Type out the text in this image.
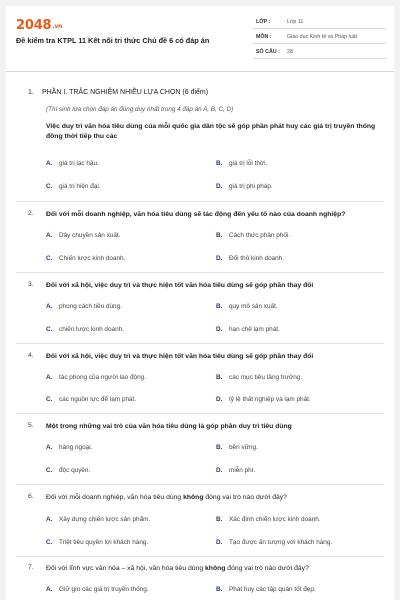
2048.vn
Đề kiểm tra KTPL 11 Kết nối tri thức Chủ đề 6 có đáp án
LỚP :	Lớp 11
MÔN :	Giáo dục Kinh tế và Pháp luật
SỐ CÂU : 28
1. PHẦN I. TRẮC NGHIỆM NHIỀU LỰA CHỌN (6 điểm)
(Thí sinh lựa chọn đáp án đúng duy nhất trong 4 đáp án A, B, C, D)
Việc duy trì văn hóa tiêu dùng của mỗi quốc gia dân tộc sẽ góp phần phát huy các giá trị truyền thống đồng thời tiếp thu các
A. giá trị lạc hậu.	B. giá trị lỗi thời.
C. giá trị hiện đại.	D. giá trị phi pháp.
2. Đối với mỗi doanh nghiệp, văn hóa tiêu dùng sẽ tác động đến yếu tố nào của doanh nghiệp?
A. Dây chuyền sản xuất.	B. Cách thức phân phối.
C. Chiến lược kinh doanh.	D. Đối thủ kinh doanh.
3. Đối với xã hội, việc duy trì và thực hiện tốt văn hóa tiêu dùng sẽ góp phần thay đổi
A. phong cách tiêu dùng.	B. quy mô sản xuất.
C. chiến lược kinh doanh.	D. hạn chế lạm phát.
4. Đối với xã hội, việc duy trì và thực hiện tốt văn hóa tiêu dùng sẽ góp phần thay đổi
A. tác phong của người lao động.	B. các mục tiêu tăng trưởng.
C. các nguồn lực để lạm phát.	D. tỷ lệ thất nghiệp và lạm phát.
5. Một trong những vai trò của văn hóa tiêu dùng là góp phần duy trì tiêu dùng
A. hàng ngoại.	B. bền vững.
C. độc quyền.	D. miễn phí.
6. Đối với mỗi doanh nghiệp, văn hóa tiêu dùng không đóng vai trò nào dưới đây?
A. Xây dựng chiến lược sản phẩm.	B. Xác định chiến lược kinh doanh.
C. Triệt tiêu quyền lợi khách hàng.	D. Tạo được ấn tượng với khách hàng.
7. Đối với lĩnh vực văn hóa – xã hội, văn hóa tiêu dùng không đóng vai trò nào dưới đây?
A. Giữ gìn các giá trị truyền thống.	B. Phát huy các tập quán tốt đẹp.
